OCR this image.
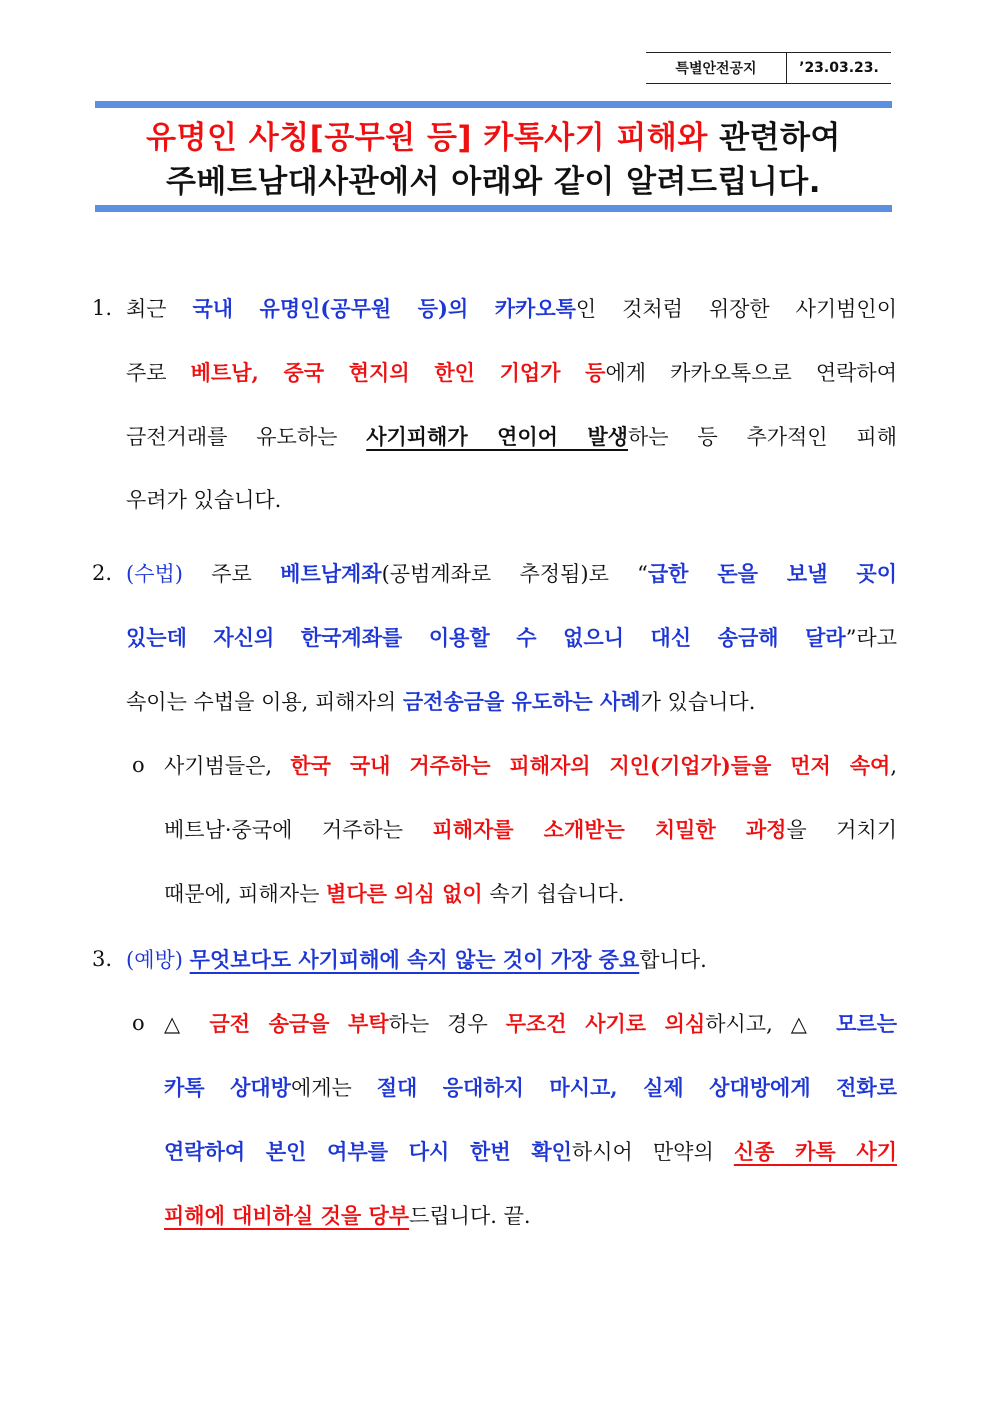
특별안전공지	’23.03.23.
유명인 사칭[공무원 등] 카톡사기 피해와 관련하여
주베트남대사관에서 아래와 같이 알려드립니다.
1. 최근 국내 유명인(공무원 등)의 카카오톡인 것처럼 위장한 사기범인이
주로 베트남, 중국 현지의 한인 기업가 등에게 카카오톡으로 연락하여
금전거래를 유도하는 사기피해가 연이어 발생하는 등 추가적인 피해
우려가 있습니다.
2. (수법) 주로 베트남계좌(공범계좌로 추정됨)로 “급한 돈을 보낼 곳이
있는데 자신의 한국계좌를 이용할 수 없으니 대신 송금해 달라”라고
속이는 수법을 이용, 피해자의 금전송금을 유도하는 사례가 있습니다.
o 사기범들은, 한국 국내 거주하는 피해자의 지인(기업가)들을 먼저 속여,
베트남·중국에 거주하는 피해자를 소개받는 치밀한 과정을 거치기
때문에, 피해자는 별다른 의심 없이 속기 쉽습니다.
3. (예방) 무엇보다도 사기피해에 속지 않는 것이 가장 중요합니다.
o △ 금전 송금을 부탁하는 경우 무조건 사기로 의심하시고, △ 모르는
카톡 상대방에게는 절대 응대하지 마시고, 실제 상대방에게 전화로
연락하여 본인 여부를 다시 한번 확인하시어 만약의 신종 카톡 사기
피해에 대비하실 것을 당부드립니다. 끝.
